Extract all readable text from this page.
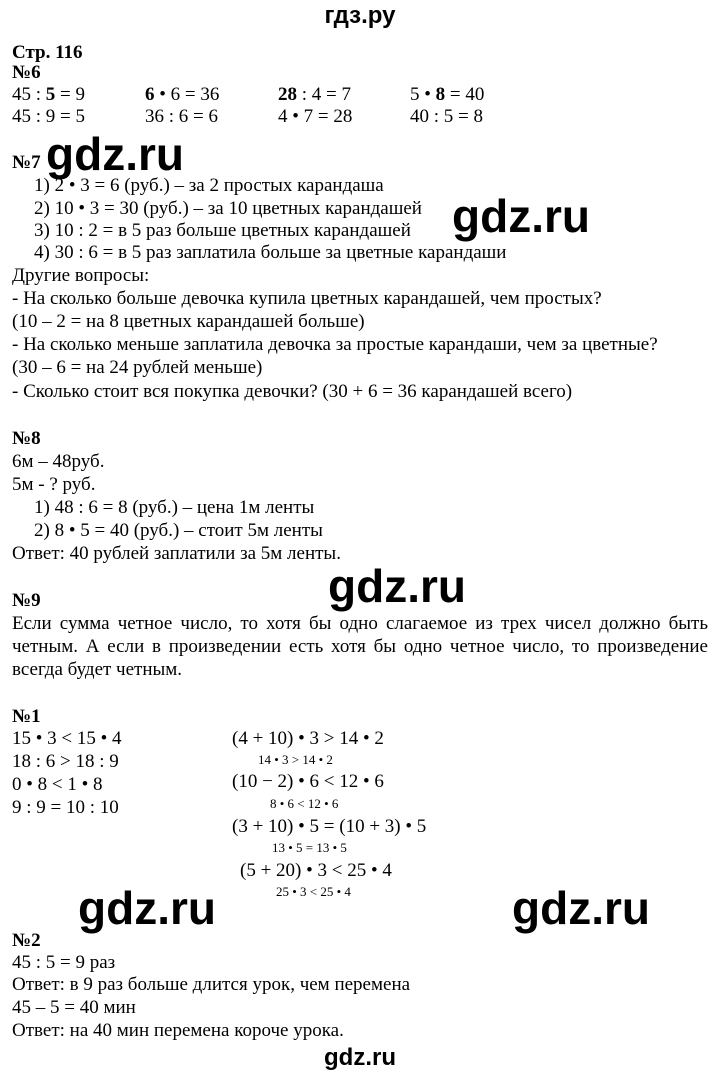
гдз.ру
Стр. 116
№6
45 : 5 = 9	6 • 6 = 36	28 : 4 = 7	5 • 8 = 40
45 : 9 = 5	36 : 6 = 6	4 • 7 = 28	40 : 5 = 8
№7 gdz.ru
1) 2 • 3 = 6 (руб.) – за 2 простых карандаша
2) 10 • 3 = 30 (руб.) – за 10 цветных карандашей
3) 10 : 2 = в 5 раз больше цветных карандашей
4) 30 : 6 = в 5 раз заплатила больше за цветные карандаши
gdz.ru
Другие вопросы:
- На сколько больше девочка купила цветных карандашей, чем простых?
(10 – 2 = на 8 цветных карандашей больше)
- На сколько меньше заплатила девочка за простые карандаши, чем за цветные?
(30 – 6 = на 24 рублей меньше)
- Сколько стоит вся покупка девочки? (30 + 6 = 36 карандашей всего)
№8
6м – 48руб.
5м - ? руб.
1) 48 : 6 = 8 (руб.) – цена 1м ленты
2) 8 • 5 = 40 (руб.) – стоит 5м ленты
Ответ: 40 рублей заплатили за 5м ленты.
gdz.ru
№9
Если сумма четное число, то хотя бы одно слагаемое из трех чисел должно быть четным. А если в произведении есть хотя бы одно четное число, то произведение всегда будет четным.
№1
15 • 3 < 15 • 4
18 : 6 > 18 : 9
0 • 8 < 1 • 8
9 : 9 = 10 : 10
(4 + 10) • 3 > 14 • 2
14 • 3 > 14 • 2
(10 − 2) • 6 < 12 • 6
8 • 6 < 12 • 6
(3 + 10) • 5 = (10 + 3) • 5
13 • 5 = 13 • 5
(5 + 20) • 3 < 25 • 4
25 • 3 < 25 • 4
gdz.ru	gdz.ru
№2
45 : 5 = 9 раз
Ответ: в 9 раз больше длится урок, чем перемена
45 – 5 = 40 мин
Ответ: на 40 мин перемена короче урока.
gdz.ru
